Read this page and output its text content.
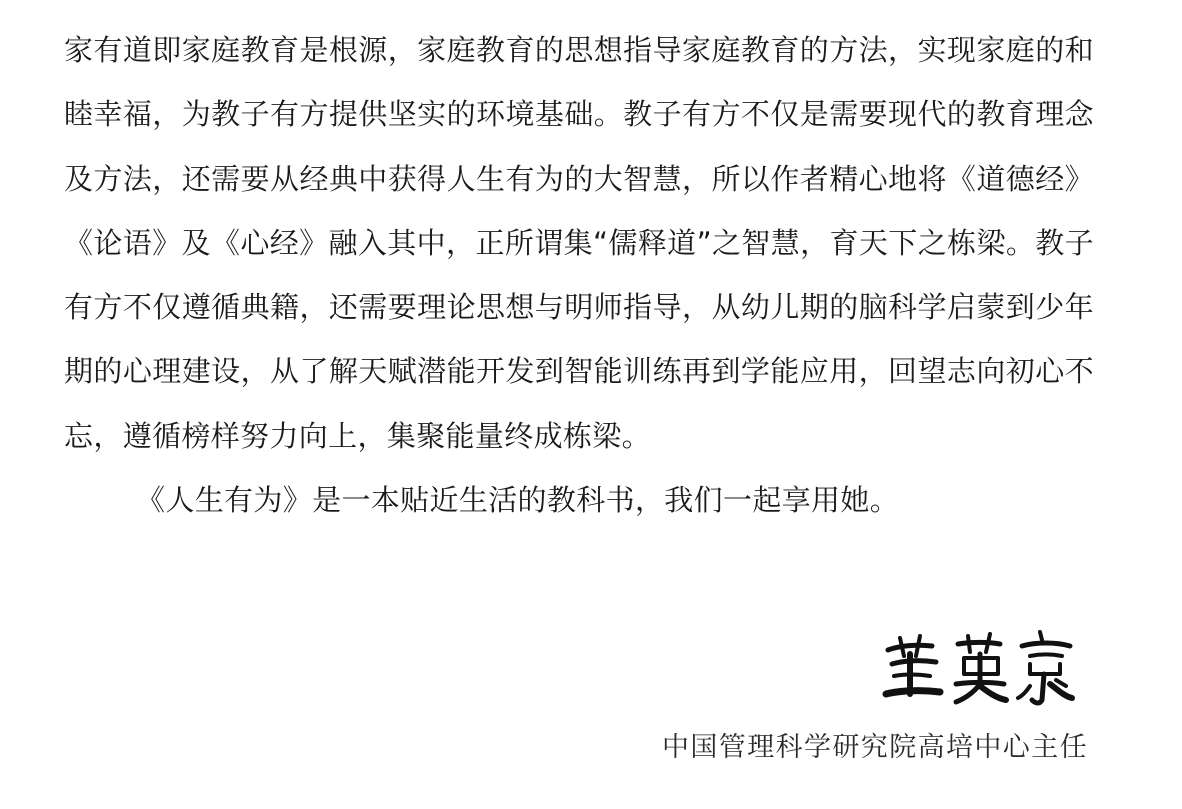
家有道即家庭教育是根源，家庭教育的思想指导家庭教育的方法，实现家庭的和睦幸福，为教子有方提供坚实的环境基础。教子有方不仅是需要现代的教育理念及方法，还需要从经典中获得人生有为的大智慧，所以作者精心地将《道德经》《论语》及《心经》融入其中，正所谓集“儒释道”之智慧，育天下之栋梁。教子有方不仅遵循典籍，还需要理论思想与明师指导，从幼儿期的脑科学启蒙到少年期的心理建设，从了解天赋潜能开发到智能训练再到学能应用，回望志向初心不忘，遵循榜样努力向上，集聚能量终成栋梁。

《人生有为》是一本贴近生活的教科书，我们一起享用她。

中国管理科学研究院高培中心主任
